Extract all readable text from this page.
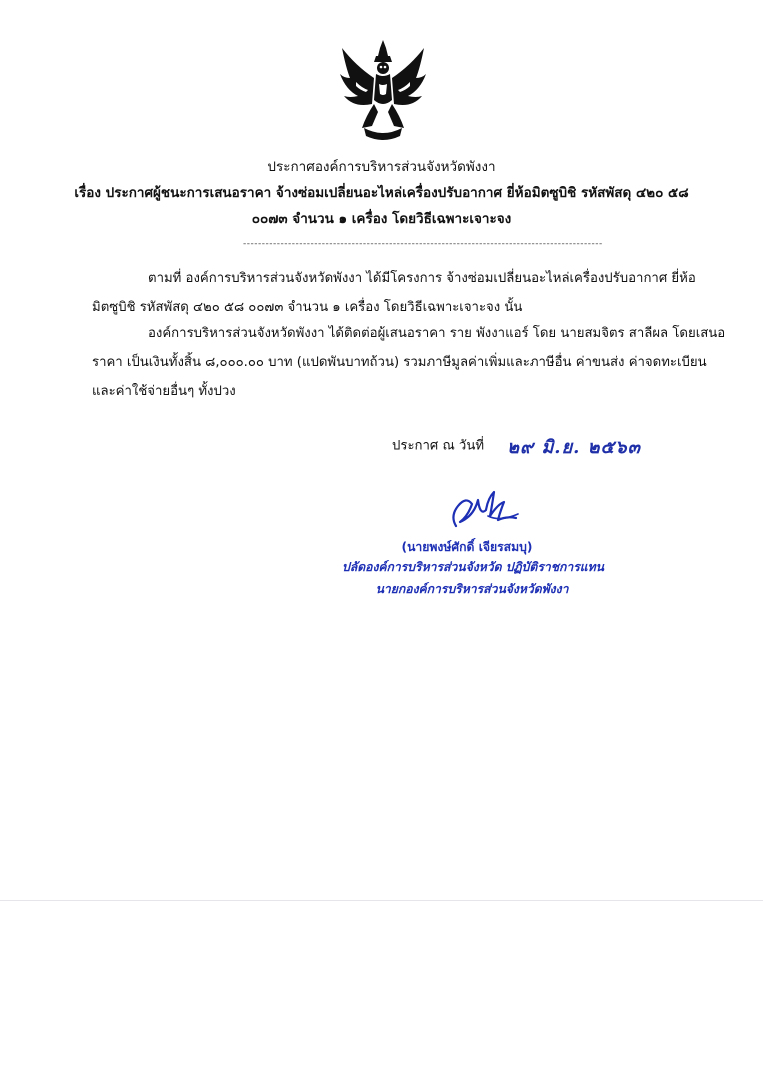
ประกาศองค์การบริหารส่วนจังหวัดพังงา
เรื่อง ประกาศผู้ชนะการเสนอราคา จ้างซ่อมเปลี่ยนอะไหล่เครื่องปรับอากาศ ยี่ห้อมิตซูบิชิ รหัสพัสดุ ๔๒๐ ๕๘
๐๐๗๓ จำนวน ๑ เครื่อง โดยวิธีเฉพาะเจาะจง
------------------------------------------------------------------------------------------------
ตามที่ องค์การบริหารส่วนจังหวัดพังงา ได้มีโครงการ จ้างซ่อมเปลี่ยนอะไหล่เครื่องปรับอากาศ ยี่ห้อ
มิตซูบิชิ รหัสพัสดุ ๔๒๐ ๕๘ ๐๐๗๓ จำนวน ๑ เครื่อง โดยวิธีเฉพาะเจาะจง นั้น
องค์การบริหารส่วนจังหวัดพังงา ได้ติดต่อผู้เสนอราคา ราย พังงาแอร์ โดย นายสมจิตร สาลีผล โดยเสนอ
ราคา เป็นเงินทั้งสิ้น ๘,๐๐๐.๐๐ บาท (แปดพันบาทถ้วน) รวมภาษีมูลค่าเพิ่มและภาษีอื่น ค่าขนส่ง ค่าจดทะเบียน
และค่าใช้จ่ายอื่นๆ ทั้งปวง
ประกาศ ณ วันที่ ๒๙ มิ.ย. ๒๕๖๓
(นายพงษ์ศักดิ์ เจียรสมบุ)
ปลัดองค์การบริหารส่วนจังหวัด ปฏิบัติราชการแทน
นายกองค์การบริหารส่วนจังหวัดพังงา
